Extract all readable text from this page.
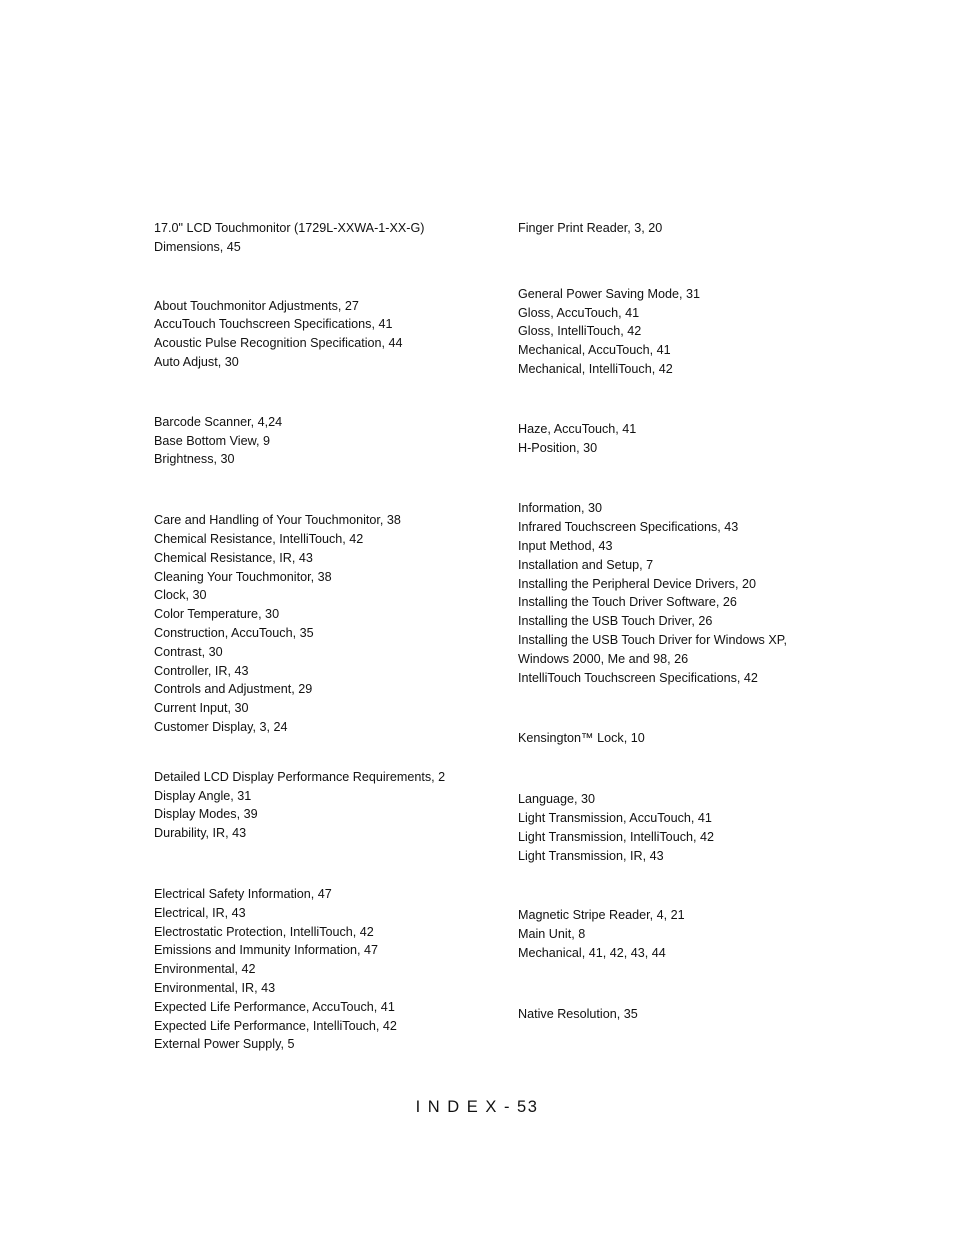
17.0" LCD Touchmonitor (1729L-XXWA-1-XX-G)
Dimensions, 45
About Touchmonitor Adjustments, 27
AccuTouch Touchscreen Specifications, 41
Acoustic Pulse Recognition Specification, 44
Auto Adjust, 30
Barcode Scanner, 4,24
Base Bottom View, 9
Brightness, 30
Care and Handling of Your Touchmonitor, 38
Chemical Resistance, IntelliTouch, 42
Chemical Resistance, IR, 43
Cleaning Your Touchmonitor, 38
Clock, 30
Color Temperature, 30
Construction, AccuTouch, 35
Contrast, 30
Controller, IR, 43
Controls and Adjustment, 29
Current Input, 30
Customer Display, 3, 24
Detailed LCD Display Performance Requirements, 2
Display Angle, 31
Display Modes, 39
Durability, IR, 43
Electrical Safety Information, 47
Electrical, IR, 43
Electrostatic Protection, IntelliTouch, 42
Emissions and Immunity Information, 47
Environmental, 42
Environmental, IR, 43
Expected Life Performance, AccuTouch, 41
Expected Life Performance, IntelliTouch, 42
External Power Supply, 5
Finger Print Reader, 3, 20
General Power Saving Mode, 31
Gloss, AccuTouch, 41
Gloss, IntelliTouch, 42
Mechanical, AccuTouch, 41
Mechanical, IntelliTouch, 42
Haze, AccuTouch, 41
H-Position, 30
Information, 30
Infrared Touchscreen Specifications, 43
Input Method, 43
Installation and Setup, 7
Installing the Peripheral Device Drivers, 20
Installing the Touch Driver Software, 26
Installing the USB Touch Driver, 26
Installing the USB Touch Driver for Windows XP,
Windows 2000, Me and 98, 26
IntelliTouch Touchscreen Specifications, 42
Kensington™ Lock, 10
Language, 30
Light Transmission, AccuTouch, 41
Light Transmission, IntelliTouch, 42
Light Transmission, IR, 43
Magnetic Stripe Reader, 4, 21
Main Unit, 8
Mechanical, 41, 42, 43, 44
Native Resolution, 35
I N D E X - 53
